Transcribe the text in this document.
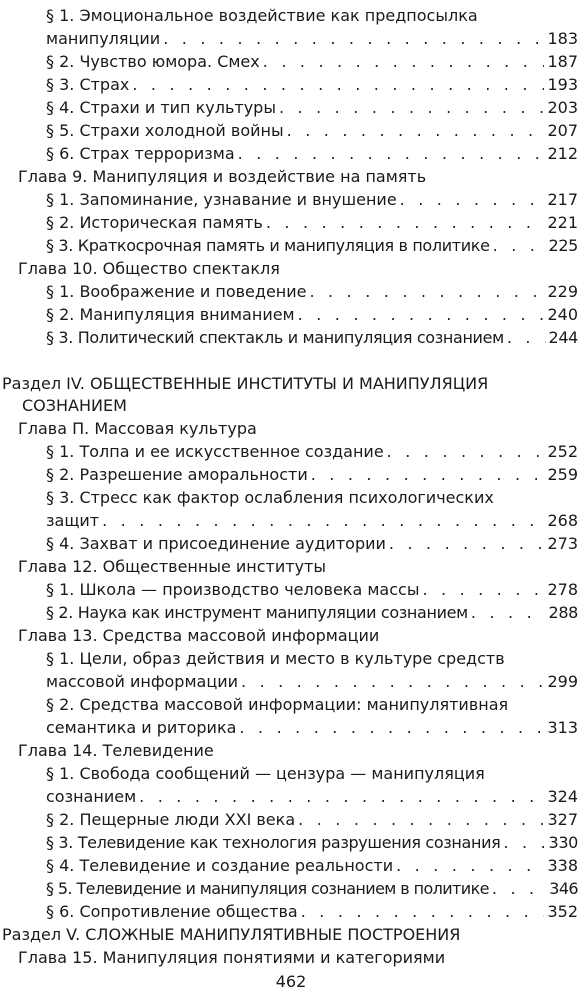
§ 1. Эмоциональное воздействие как предпосылка
манипуляции . . .	183
§ 2. Чувство юмора. Смех . . .	187
§ 3. Страх . . .	193
§ 4. Страхи и тип культуры . . .	203
§ 5. Страхи холодной войны . . .	207
§ 6. Страх терроризма . . .	212
Глава 9. Манипуляция и воздействие на память
§ 1. Запоминание, узнавание и внушение . . .	217
§ 2. Историческая память . . .	221
§ 3. Краткосрочная память и манипуляция в политике . . .	225
Глава 10. Общество спектакля
§ 1. Воображение и поведение . . .	229
§ 2. Манипуляция вниманием . . .	240
§ 3. Политический спектакль и манипуляция сознанием . . .	244
Раздел IV. ОБЩЕСТВЕННЫЕ ИНСТИТУТЫ И МАНИПУЛЯЦИЯ
СОЗНАНИЕМ
Глава П. Массовая культура
§ 1. Толпа и ее искусственное создание . . .	252
§ 2. Разрешение аморальности . . .	259
§ 3. Стресс как фактор ослабления психологических
защит . . .	268
§ 4. Захват и присоединение аудитории . . .	273
Глава 12. Общественные институты
§ 1. Школа — производство человека массы . . .	278
§ 2. Наука как инструмент манипуляции сознанием . . .	288
Глава 13. Средства массовой информации
§ 1. Цели, образ действия и место в культуре средств
массовой информации . . .	299
§ 2. Средства массовой информации: манипулятивная
семантика и риторика . . .	313
Глава 14. Телевидение
§ 1. Свобода сообщений — цензура — манипуляция
сознанием . . .	324
§ 2. Пещерные люди XXI века . . .	327
§ 3. Телевидение как технология разрушения сознания . . .	330
§ 4. Телевидение и создание реальности . . .	338
§ 5. Телевидение и манипуляция сознанием в политике . . .	346
§ 6. Сопротивление общества . . .	352
Раздел V. СЛОЖНЫЕ МАНИПУЛЯТИВНЫЕ ПОСТРОЕНИЯ
Глава 15. Манипуляция понятиями и категориями
462
